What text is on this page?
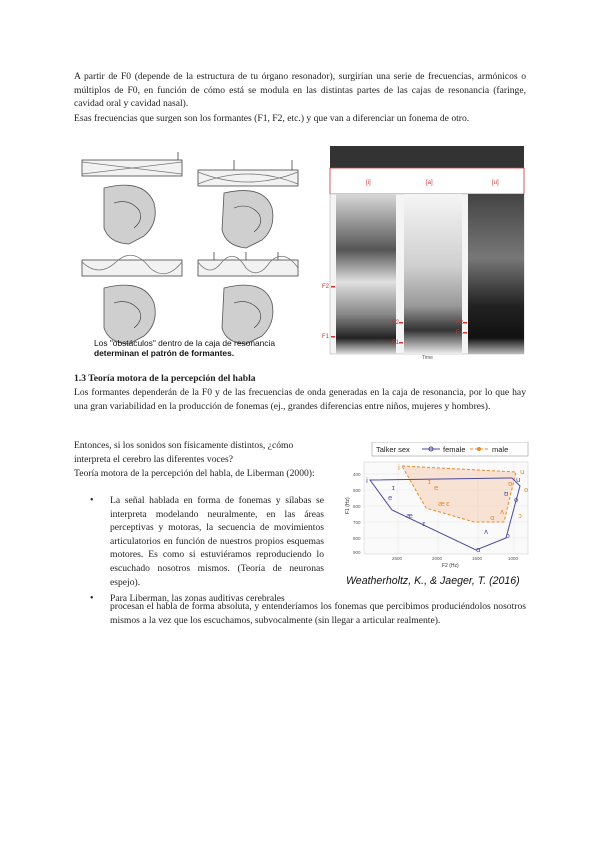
A partir de F0 (depende de la estructura de tu órgano resonador), surgirían una serie de frecuencias, armónicos o múltiplos de F0, en función de cómo está se modula en las distintas partes de las cajas de resonancia (faringe, cavidad oral y cavidad nasal).

Esas frecuencias que surgen son los formantes (F1, F2, etc.) y que van a diferenciar un fonema de otro.

Los "obstáculos" dentro de la caja de resonancia
determinan el patrón de formantes.
[i]	[a]	[u]
F2
F1
F2
F1
F2
F1
Time

1.3 Teoría motora de la percepción del habla

Los formantes dependerán de la F0 y de las frecuencias de onda generadas en la caja de resonancia, por lo que hay una gran variabilidad en la producción de fonemas (ej., grandes diferencias entre niños, mujeres y hombres).

Entonces, si los sonidos son físicamente distintos, ¿cómo interpreta el cerebro las diferentes voces?

Teoría motora de la percepción del habla, de Liberman (2000):

• La señal hablada en forma de fonemas y sílabas se interpreta modelando neuralmente, en las áreas perceptivas y motoras, la secuencia de movimientos articulatorios en función de nuestros propios esquemas motores. Es como si estuviéramos reproduciendo lo escuchado nosotros mismos. (Teoría de neuronas espejo).
• Para Liberman, las zonas auditivas cerebrales

procesan el habla de forma absoluta, y entenderíamos los fonemas que percibimos produciéndolos nosotros mismos a la vez que los escuchamos, subvocalmente (sin llegar a articular realmente).

Talker sex	female	male
i
ɪ
e
ɛ
æ
ʌ
ɑ
ɔ
o
ʊ
u
i
ɪ
e
ɛ
æ
ʌ
ɑ	ɔ
o
ʊ
u
2500	2000	1500	1000
400
500
600
700
800
900
F2 (Hz)
F1 (Hz)
Weatherholtz, K., & Jaeger, T. (2016)
